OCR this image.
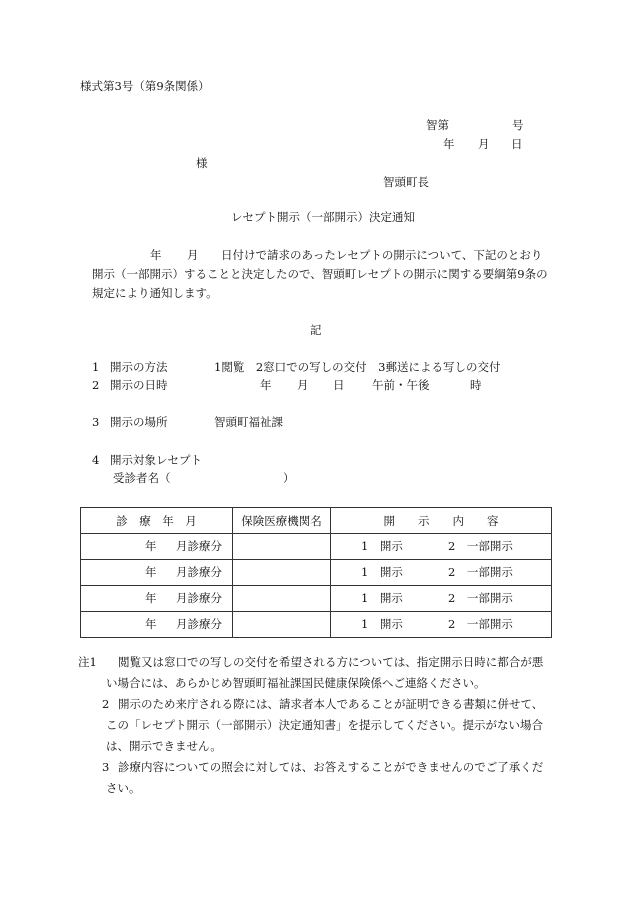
様式第3号（第9条関係）
智第	号
年 月 日
様
智頭町長
レセプト開示（一部開示）決定通知
年 月 日付けで請求のあったレセプトの開示について、下記のとおり
開示（一部開示）することと決定したので、智頭町レセプトの開示に関する要綱第9条の
規定により通知します。
記
1 開示の方法	1閲覧　2窓口での写しの交付　3郵送による写しの交付
2 開示の日時	年 月 日 午前・午後	時
3 開示の場所	智頭町福祉課
4 開示対象レセプト
受診者名（	）
診　療　年　月	保険医療機関名	開　　示　　内　　容

年 月診療分		1　開示 2　一部開示

年 月診療分		1　開示 2　一部開示

年 月診療分		1　開示 2　一部開示

年 月診療分		1　開示 2　一部開示
注1 閲覧又は窓口での写しの交付を希望される方については、指定開示日時に都合が悪
い場合には、あらかじめ智頭町福祉課国民健康保険係へご連絡ください。
2 開示のため来庁される際には、請求者本人であることが証明できる書類に併せて、
この「レセプト開示（一部開示）決定通知書」を提示してください。提示がない場合
は、開示できません。
3 診療内容についての照会に対しては、お答えすることができませんのでご了承くだ
さい。
